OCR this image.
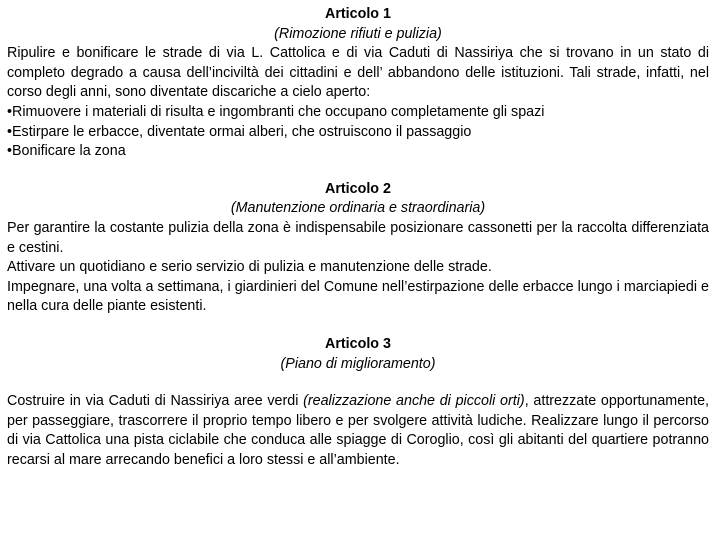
Articolo 1
(Rimozione rifiuti e pulizia)

Ripulire e bonificare le strade di via L. Cattolica e di via Caduti di Nassiriya che si trovano in un stato di completo degrado a causa dell’inciviltà dei cittadini e dell’ abbandono delle istituzioni. Tali strade, infatti, nel corso degli anni, sono diventate discariche a cielo aperto:

•Rimuovere i materiali di risulta e ingombranti che occupano completamente gli spazi
•Estirpare le erbacce, diventate ormai alberi, che ostruiscono il passaggio
•Bonificare la zona
Articolo 2
(Manutenzione ordinaria e straordinaria)

Per garantire la costante pulizia della zona è indispensabile posizionare cassonetti per la raccolta differenziata e cestini.

Attivare un quotidiano e serio servizio di pulizia e manutenzione delle strade.

Impegnare, una volta a settimana, i giardinieri del Comune nell’estirpazione delle erbacce lungo i marciapiedi e nella cura delle piante esistenti.

Articolo 3
(Piano di miglioramento)

Costruire in via Caduti di Nassiriya aree verdi (realizzazione anche di piccoli orti), attrezzate opportunamente, per passeggiare, trascorrere il proprio tempo libero e per svolgere attività ludiche. Realizzare lungo il percorso di via Cattolica una pista ciclabile che conduca alle spiagge di Coroglio, così gli abitanti del quartiere potranno recarsi al mare arrecando benefici a loro stessi e all’ambiente.
